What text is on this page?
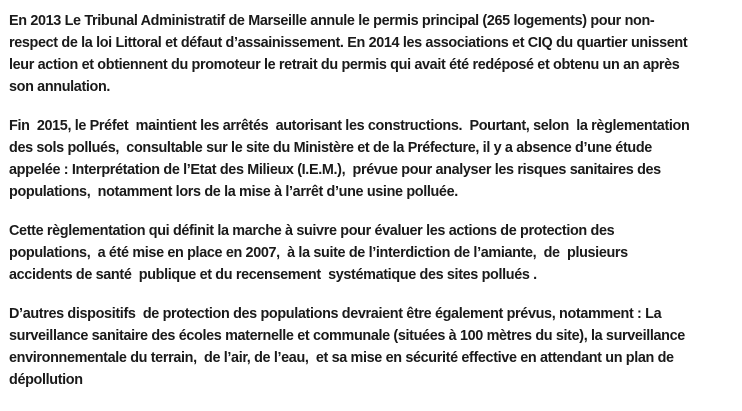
En 2013 Le Tribunal Administratif de Marseille annule le permis principal (265 logements) pour non-
respect de la loi Littoral et défaut d’assainissement. En 2014 les associations et CIQ du quartier unissent
leur action et obtiennent du promoteur le retrait du permis qui avait été redéposé et obtenu un an après
son annulation.

Fin  2015, le Préfet  maintient les arrêtés  autorisant les constructions.  Pourtant, selon  la règlementation
des sols pollués,  consultable sur le site du Ministère et de la Préfecture, il y a absence d’une étude
appelée : Interprétation de l’Etat des Milieux (I.E.M.),  prévue pour analyser les risques sanitaires des
populations,  notamment lors de la mise à l’arrêt d’une usine polluée.

Cette règlementation qui définit la marche à suivre pour évaluer les actions de protection des
populations,  a été mise en place en 2007,  à la suite de l’interdiction de l’amiante,  de  plusieurs
accidents de santé  publique et du recensement  systématique des sites pollués .

D’autres dispositifs  de protection des populations devraient être également prévus, notamment : La
surveillance sanitaire des écoles maternelle et communale (situées à 100 mètres du site), la surveillance
environnementale du terrain,  de l’air, de l’eau,  et sa mise en sécurité effective en attendant un plan de
dépollution
